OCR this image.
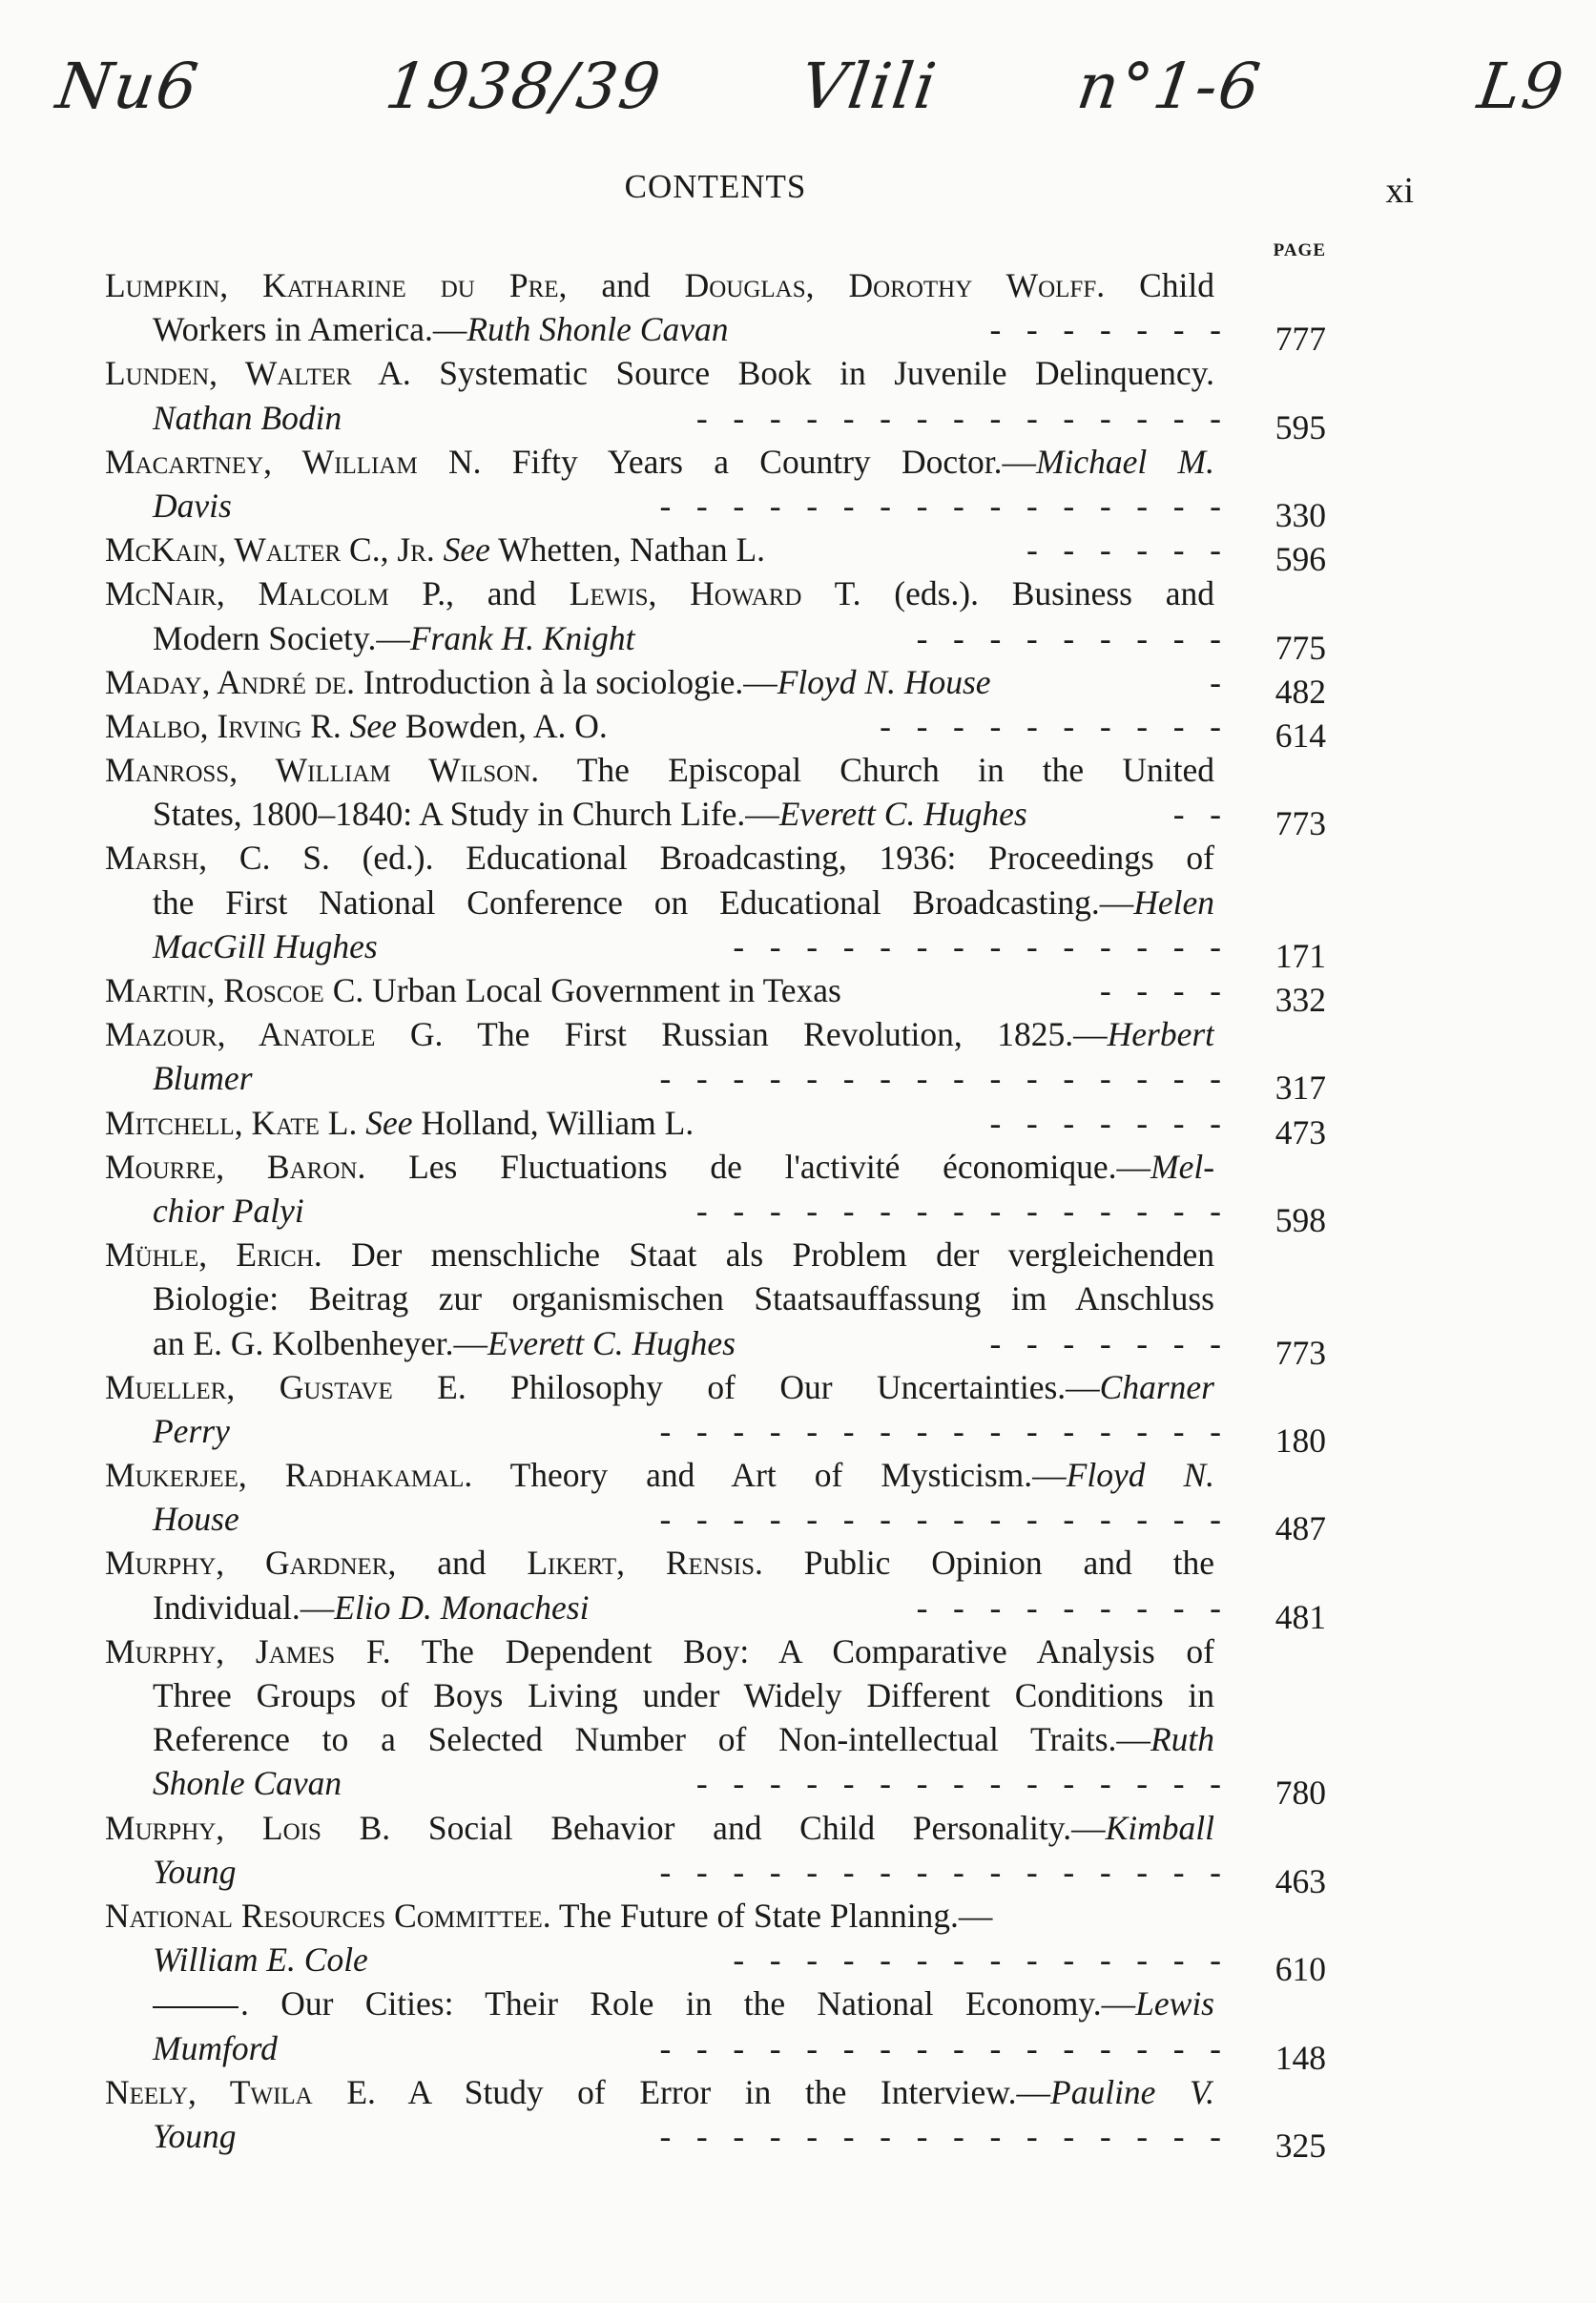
Nu6	1938/39 Vlili n°1-6	L9
CONTENTS	xi
PAGE
Lumpkin, Katharine du Pre, and Douglas, Dorothy Wolff. Child
Workers in America.—Ruth Shonle Cavan	-   -   -   -   -   -   -	777
Lunden, Walter A. Systematic Source Book in Juvenile Delinquency.
Nathan Bodin	-   -   -   -   -   -   -   -   -   -   -   -   -   -   -	595
Macartney, William N. Fifty Years a Country Doctor.—Michael M.
Davis	-   -   -   -   -   -   -   -   -   -   -   -   -   -   -   -	330
McKain, Walter C., Jr. See Whetten, Nathan L.	-   -   -   -   -   -	596
McNair, Malcolm P., and Lewis, Howard T. (eds.). Business and
Modern Society.—Frank H. Knight	-   -   -   -   -   -   -   -   -	775
Maday, André de. Introduction à la sociologie.—Floyd N. House	-	482
Malbo, Irving R. See Bowden, A. O.	-   -   -   -   -   -   -   -   -   -	614
Manross, William Wilson. The Episcopal Church in the United
States, 1800–1840: A Study in Church Life.—Everett C. Hughes	-   -	773
Marsh, C. S. (ed.). Educational Broadcasting, 1936: Proceedings of
the First National Conference on Educational Broadcasting.—Helen
MacGill Hughes	-   -   -   -   -   -   -   -   -   -   -   -   -   -	171
Martin, Roscoe C. Urban Local Government in Texas	-   -   -   -	332
Mazour, Anatole G. The First Russian Revolution, 1825.—Herbert
Blumer	-   -   -   -   -   -   -   -   -   -   -   -   -   -   -   -	317
Mitchell, Kate L. See Holland, William L.	-   -   -   -   -   -   -	473
Mourre, Baron. Les Fluctuations de l'activité économique.—Mel-
chior Palyi	-   -   -   -   -   -   -   -   -   -   -   -   -   -   -	598
Mühle, Erich. Der menschliche Staat als Problem der vergleichenden
Biologie: Beitrag zur organismischen Staatsauffassung im Anschluss
an E. G. Kolbenheyer.—Everett C. Hughes	-   -   -   -   -   -   -	773
Mueller, Gustave E. Philosophy of Our Uncertainties.—Charner
Perry	-   -   -   -   -   -   -   -   -   -   -   -   -   -   -   -	180
Mukerjee, Radhakamal. Theory and Art of Mysticism.—Floyd N.
House	-   -   -   -   -   -   -   -   -   -   -   -   -   -   -   -	487
Murphy, Gardner, and Likert, Rensis. Public Opinion and the
Individual.—Elio D. Monachesi	-   -   -   -   -   -   -   -   -	481
Murphy, James F. The Dependent Boy: A Comparative Analysis of
Three Groups of Boys Living under Widely Different Conditions in
Reference to a Selected Number of Non-intellectual Traits.—Ruth
Shonle Cavan	-   -   -   -   -   -   -   -   -   -   -   -   -   -   -	780
Murphy, Lois B. Social Behavior and Child Personality.—Kimball
Young	-   -   -   -   -   -   -   -   -   -   -   -   -   -   -   -	463
National Resources Committee. The Future of State Planning.—
William E. Cole	-   -   -   -   -   -   -   -   -   -   -   -   -   -	610
. Our Cities: Their Role in the National Economy.—Lewis
Mumford	-   -   -   -   -   -   -   -   -   -   -   -   -   -   -   -	148
Neely, Twila E. A Study of Error in the Interview.—Pauline V.
Young	-   -   -   -   -   -   -   -   -   -   -   -   -   -   -   -	325
